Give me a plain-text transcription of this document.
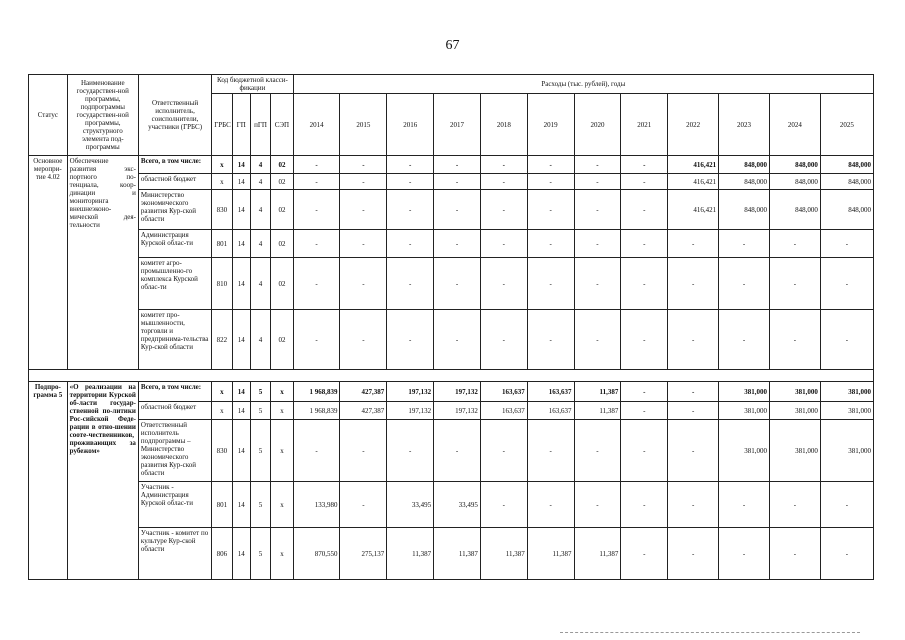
67
Статус	Наименование государствен-ной программы, подпрограммы государствен-ной программы, структурного элемента под-программы	Ответственный исполнитель, соисполнители, участники (ГРБС)	Код бюджетной класси-фикации				Расходы (тыс. рублей), годы											
			ГРБС	ГП	пГП	СЭП	2014	2015	2016	2017	2018	2019	2020	2021	2022	2023	2024	2025
Основное меропри-тие 4.02	Обеспечение развития экс-портного по-тенциала, коор-динации и мониторинга внешнеэконо-мической дея-тельности	Всего, в том числе:	x	14	4	02	-	-	-	-	-	-	-	-	416,421	848,000	848,000	848,000
		областной бюджет	x	14	4	02	-	-	-	-	-	-	-	-	416,421	848,000	848,000	848,000
		Министерство экономического развития Кур-ской области	830	14	4	02	-	-	-	-	-	-	-	-	416,421	848,000	848,000	848,000
		Администрация Курской облас-ти	801	14	4	02	-	-	-	-	-	-	-	-	-	-	-	-
		комитет агро-промышленно-го комплекса Курской облас-ти	810	14	4	02	-	-	-	-	-	-	-	-	-	-	-	-
		комитет про-мышленности, торговли и предпринима-тельства Кур-ской области	822	14	4	02	-	-	-	-	-	-	-	-	-	-	-	-

Подпро-грамма 5	«О реализации на территории Курской об-ласти государ-ственной по-литики Рос-сийской Феде-рации в отно-шении сооте-чественников, проживающих за рубежом»	Всего, в том числе:	x	14	5	x	1 968,839	427,387	197,132	197,132	163,637	163,637	11,387	-	-	381,000	381,000	381,000
		областной бюджет	x	14	5	x	1 968,839	427,387	197,132	197,132	163,637	163,637	11,387	-	-	381,000	381,000	381,000
		Ответственный исполнитель подпрограммы – Министерство экономического развития Кур-ской области	830	14	5	x	-	-	-	-	-	-	-	-	-	381,000	381,000	381,000
		Участник - Администрация Курской облас-ти	801	14	5	x	133,980	-	33,495	33,495	-	-	-	-	-	-	-	-
		Участник - комитет по культуре Кур-ской области	806	14	5	x	870,550	275,137	11,387	11,387	11,387	11,387	11,387	-	-	-	-	-
